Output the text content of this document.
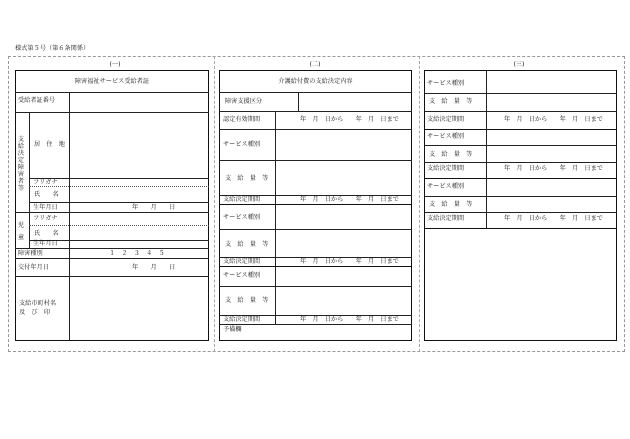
様式第５号（第６条関係）
(一)
障害福祉サービス受給者証
受給者証番号
支給決定障害者等
居　住　地
フリガナ
氏　　名
生年月日	年　　月　　日
児童
フリガナ
氏　　名
生年月日
障害種別	１　２　３　４　５
交付年月日	年　　月　　日
支給市町村名
及　び　印
(二)
介護給付費の支給決定内容
障害支援区分
認定有効期間	年　月　日から　　年　月　日まで
サービス種別
支　給　量　等
支給決定期間	年　月　日から　　年　月　日まで
サービス種別
支　給　量　等
支給決定期間	年　月　日から　　年　月　日まで
サービス種別
支　給　量　等
支給決定期間	年　月　日から　　年　月　日まで
予備欄
(三)
サービス種別
支　給　量　等
支給決定期間	年　月　日から　　年　月　日まで
サービス種別
支　給　量　等
支給決定期間	年　月　日から　　年　月　日まで
サービス種別
支　給　量　等
支給決定期間	年　月　日から　　年　月　日まで
